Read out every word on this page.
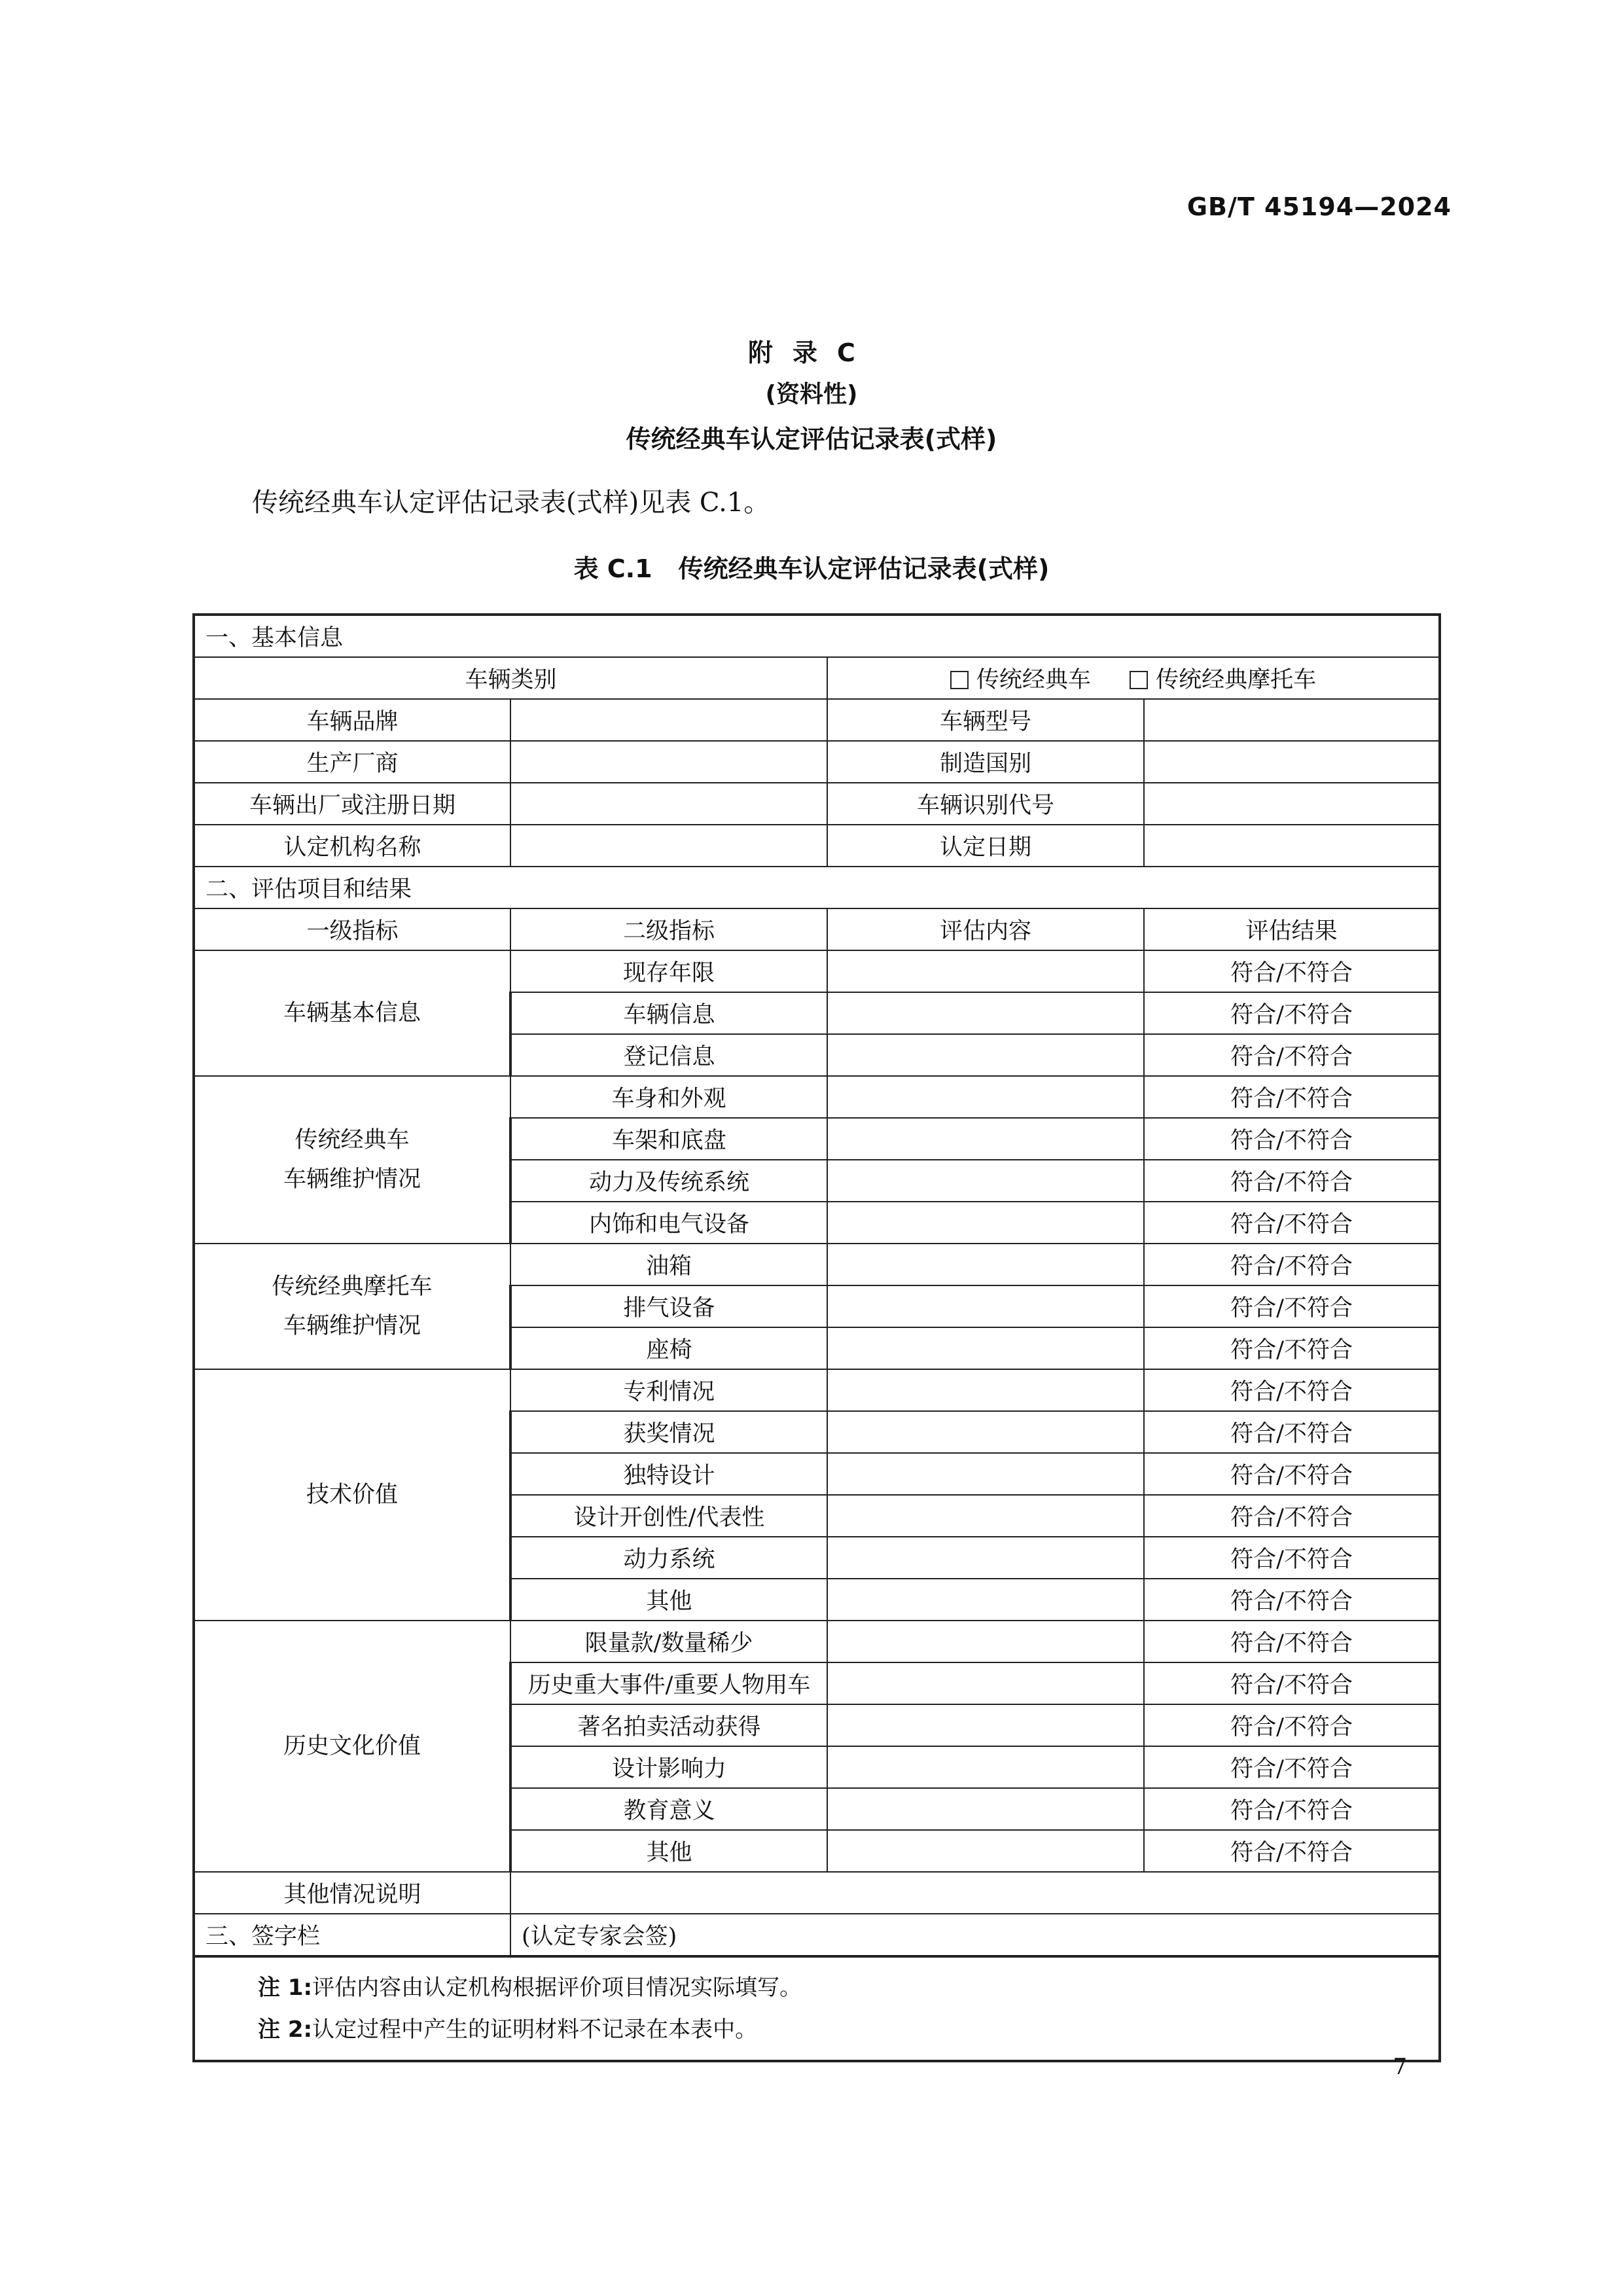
GB/T 45194—2024
附录C
(资料性)
传统经典车认定评估记录表(式样)
传统经典车认定评估记录表(式样)见表 C.1。
表 C.1 传统经典车认定评估记录表(式样)
一、基本信息			
车辆类别		传统经典车 传统经典摩托车	
车辆品牌		车辆型号	
生产厂商		制造国别	
车辆出厂或注册日期		车辆识别代号	
认定机构名称		认定日期	
二、评估项目和结果			
一级指标	二级指标	评估内容	评估结果

车辆基本信息	现存年限		符合/不符合
	车辆信息		符合/不符合
	登记信息		符合/不符合

传统经典车
车辆维护情况	车身和外观		符合/不符合
	车架和底盘		符合/不符合
	动力及传统系统		符合/不符合
	内饰和电气设备		符合/不符合

传统经典摩托车
车辆维护情况	油箱		符合/不符合
	排气设备		符合/不符合
	座椅		符合/不符合

技术价值	专利情况		符合/不符合
	获奖情况		符合/不符合
	独特设计		符合/不符合
	设计开创性/代表性		符合/不符合
	动力系统		符合/不符合
	其他		符合/不符合

历史文化价值	限量款/数量稀少		符合/不符合
	历史重大事件/重要人物用车		符合/不符合
	著名拍卖活动获得		符合/不符合
	设计影响力		符合/不符合
	教育意义		符合/不符合
	其他		符合/不符合
其他情况说明			
三、签字栏	(认定专家会签)		

注 1:评估内容由认定机构根据评价项目情况实际填写。
注 2:认定过程中产生的证明材料不记录在本表中。			
7
